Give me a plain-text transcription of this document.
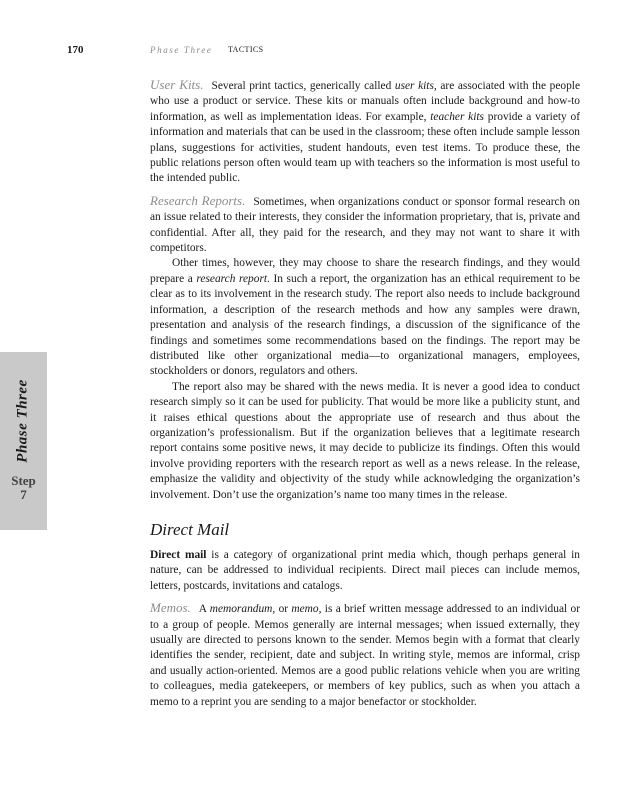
170	Phase Three TACTICS
Phase Three
Step
7

User Kits. Several print tactics, generically called user kits, are associated with the people who use a product or service. These kits or manuals often include background and how-to information, as well as implementation ideas. For example, teacher kits provide a variety of information and materials that can be used in the classroom; these often include sample lesson plans, suggestions for activities, student handouts, even test items. To produce these, the public relations person often would team up with teachers so the information is most useful to the intended public.

Research Reports. Sometimes, when organizations conduct or sponsor formal research on an issue related to their interests, they consider the information proprietary, that is, private and confidential. After all, they paid for the research, and they may not want to share it with competitors.

Other times, however, they may choose to share the research findings, and they would prepare a research report. In such a report, the organization has an ethical requirement to be clear as to its involvement in the research study. The report also needs to include background information, a description of the research methods and how any samples were drawn, presentation and analysis of the research findings, a discussion of the significance of the findings and sometimes some recommendations based on the findings. The report may be distributed like other organizational media—to organizational managers, employees, stockholders or donors, regulators and others.

The report also may be shared with the news media. It is never a good idea to conduct research simply so it can be used for publicity. That would be more like a publicity stunt, and it raises ethical questions about the appropriate use of research and thus about the organization’s professionalism. But if the organization believes that a legitimate research report contains some positive news, it may decide to publicize its findings. Often this would involve providing reporters with the research report as well as a news release. In the release, emphasize the validity and objectivity of the study while acknowledging the organization’s involvement. Don’t use the organization’s name too many times in the release.

Direct Mail

Direct mail is a category of organizational print media which, though perhaps general in nature, can be addressed to individual recipients. Direct mail pieces can include memos, letters, postcards, invitations and catalogs.

Memos. A memorandum, or memo, is a brief written message addressed to an individual or to a group of people. Memos generally are internal messages; when issued externally, they usually are directed to persons known to the sender. Memos begin with a format that clearly identifies the sender, recipient, date and subject. In writing style, memos are informal, crisp and usually action-oriented. Memos are a good public relations vehicle when you are writing to colleagues, media gatekeepers, or members of key publics, such as when you attach a memo to a reprint you are sending to a major benefactor or stockholder.
